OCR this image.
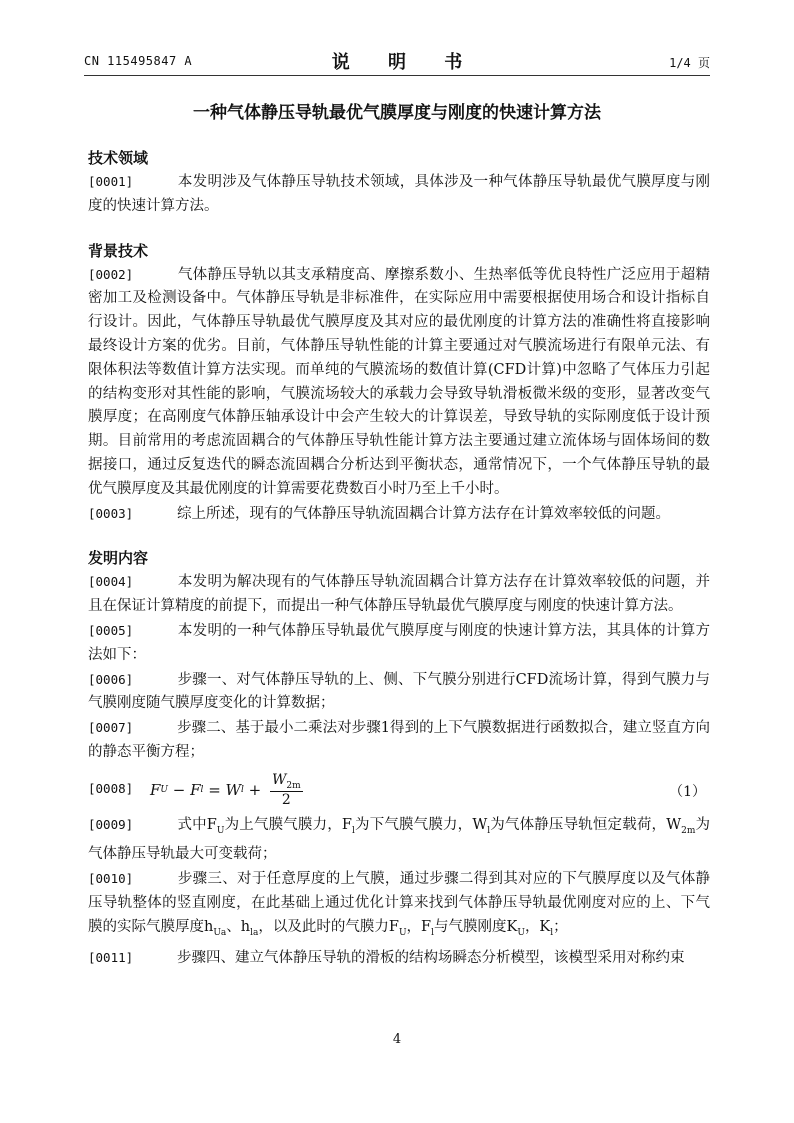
CN 115495847 A	说 明 书	1/4 页
一种气体静压导轨最优气膜厚度与刚度的快速计算方法
技术领域

[0001]　　本发明涉及气体静压导轨技术领域，具体涉及一种气体静压导轨最优气膜厚度与刚度的快速计算方法。

背景技术

[0002]　　气体静压导轨以其支承精度高、摩擦系数小、生热率低等优良特性广泛应用于超精密加工及检测设备中。气体静压导轨是非标准件，在实际应用中需要根据使用场合和设计指标自行设计。因此，气体静压导轨最优气膜厚度及其对应的最优刚度的计算方法的准确性将直接影响最终设计方案的优劣。目前，气体静压导轨性能的计算主要通过对气膜流场进行有限单元法、有限体积法等数值计算方法实现。而单纯的气膜流场的数值计算(CFD计算)中忽略了气体压力引起的结构变形对其性能的影响，气膜流场较大的承载力会导致导轨滑板微米级的变形，显著改变气膜厚度；在高刚度气体静压轴承设计中会产生较大的计算误差，导致导轨的实际刚度低于设计预期。目前常用的考虑流固耦合的气体静压导轨性能计算方法主要通过建立流体场与固体场间的数据接口，通过反复迭代的瞬态流固耦合分析达到平衡状态，通常情况下，一个气体静压导轨的最优气膜厚度及其最优刚度的计算需要花费数百小时乃至上千小时。

[0003]　　综上所述，现有的气体静压导轨流固耦合计算方法存在计算效率较低的问题。

发明内容

[0004]　　本发明为解决现有的气体静压导轨流固耦合计算方法存在计算效率较低的问题，并且在保证计算精度的前提下，而提出一种气体静压导轨最优气膜厚度与刚度的快速计算方法。

[0005]　　本发明的一种气体静压导轨最优气膜厚度与刚度的快速计算方法，其具体的计算方法如下：

[0006]　　步骤一、对气体静压导轨的上、侧、下气膜分别进行CFD流场计算，得到气膜力与气膜刚度随气膜厚度变化的计算数据；

[0007]　　步骤二、基于最小二乘法对步骤1得到的上下气膜数据进行函数拟合，建立竖直方向的静态平衡方程；

[0008] F U − F l = W $l + \frac{W_{2m}}{2}$	（1）

[0009]　　式中$F_U$为上气膜气膜力，$F_l$为下气膜气膜力，$W_l$为气体静压导轨恒定载荷，$W_{2m}$为气体静压导轨最大可变载荷；

[0010]　　步骤三、对于任意厚度的上气膜，通过步骤二得到其对应的下气膜厚度以及气体静压导轨整体的竖直刚度，在此基础上通过优化计算来找到气体静压导轨最优刚度对应的上、下气膜的实际气膜厚度$h_{Ua}$、$h_{la}$，以及此时的气膜力$F_U$，$F_l$与气膜刚度$K_U$，$K_l$；

[0011]　　步骤四、建立气体静压导轨的滑板的结构场瞬态分析模型，该模型采用对称约束

4
